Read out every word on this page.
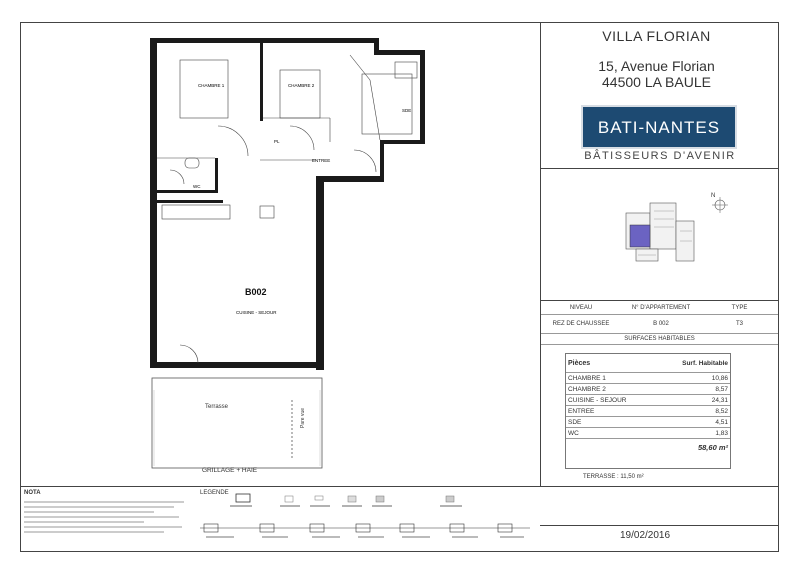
VILLA FLORIAN
15, Avenue Florian
44500 LA BAULE
BATI-NANTES
BÂTISSEURS D'AVENIR
N
NIVEAU	N° D'APPARTEMENT	TYPE
REZ DE CHAUSSEE	B 002	T3
SURFACES HABITABLES
Pièces	Surf. Habitable
CHAMBRE 1	10,86
CHAMBRE 2	8,57
CUISINE - SEJOUR	24,31
ENTREE	8,52
SDE	4,51
WC	1,83
	58,60 m²
TERRASSE : 11,50 m²
19/02/2016
CHAMBRE 1	CHAMBRE 2
SDE
ENTREE
WC
PL
B002
CUISINE - SEJOUR
Terrasse
Pare vue
GRILLAGE + HAIE
NOTA	LEGENDE
